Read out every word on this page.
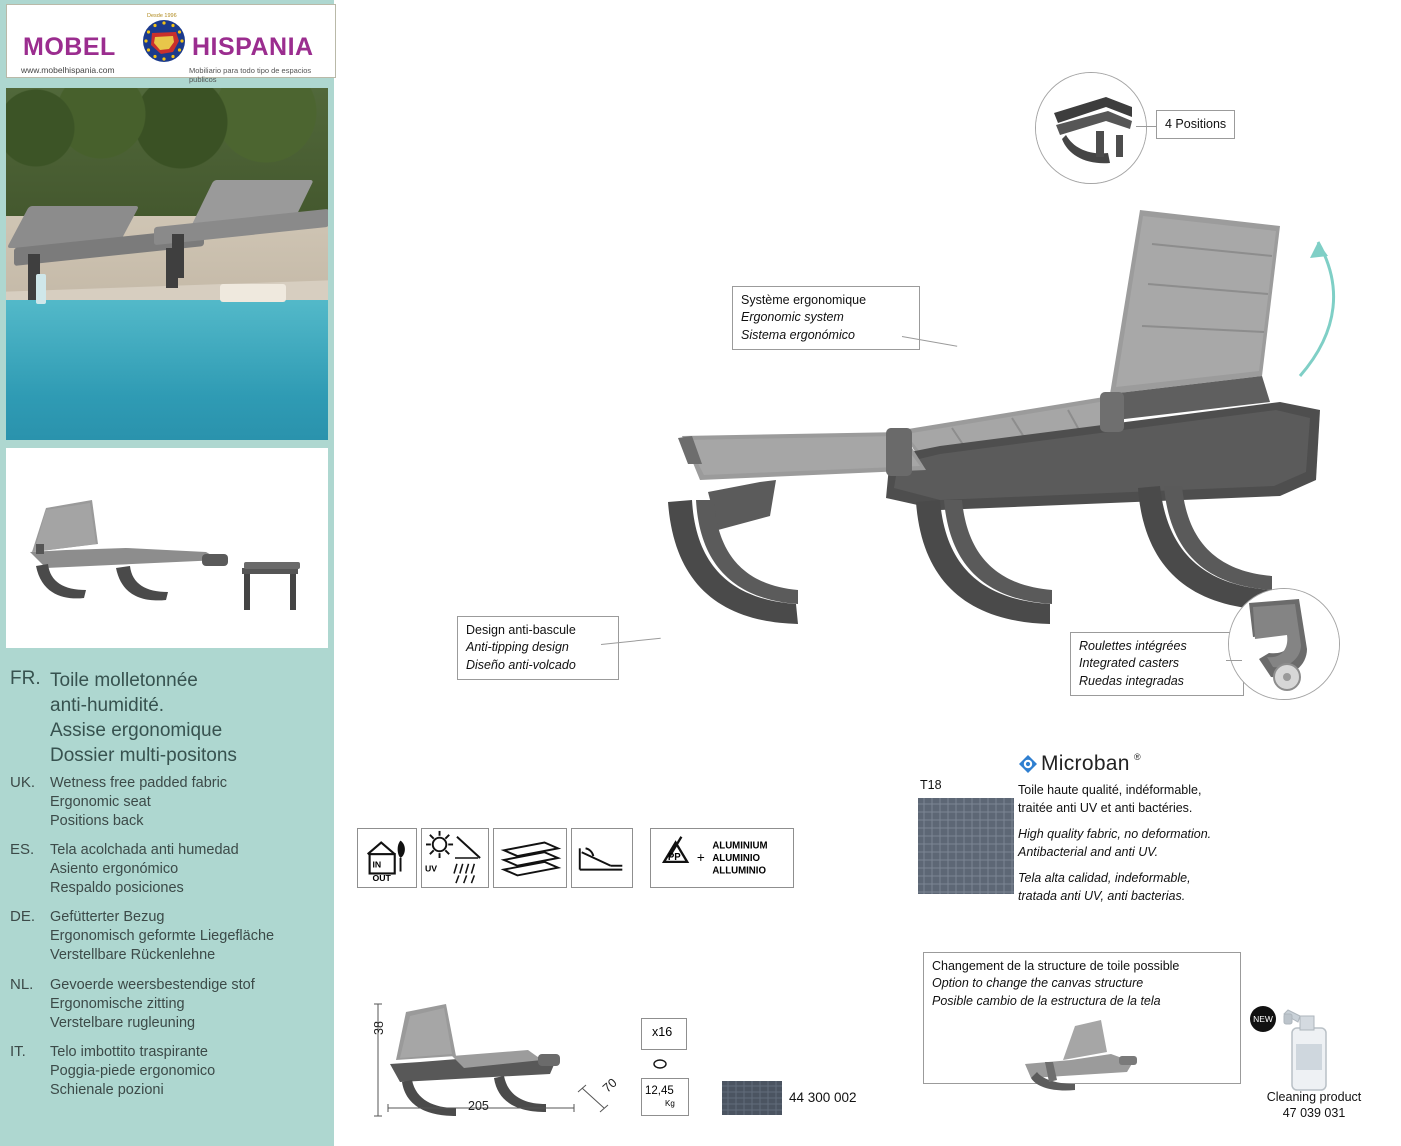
Desde 1996
MOBEL	HISPANIA
www.mobelhispania.com	Mobiliario para todo tipo de espacios publicos
FR. Toile molletonnée
anti-humidité.
Assise ergonomique
Dossier multi-positons
UK.	Wetness free padded fabric
Ergonomic seat
Positions back
ES.	Tela acolchada anti humedad
Asiento ergonómico
Respaldo posiciones
DE.	Gefütterter Bezug
Ergonomisch geformte Liegefläche
Verstellbare Rückenlehne
NL.	Gevoerde weersbestendige stof
Ergonomische zitting
Verstelbare rugleuning
IT.	Telo imbottito traspirante
Poggia-piede ergonomico
Schienale pozioni
4 Positions
Système ergonomique
Ergonomic system
Sistema ergonómico
Design anti-bascule
Anti-tipping design
Diseño anti-volcado
Roulettes intégrées
Integrated casters
Ruedas integradas
IN
OUT
UV
PP +
ALUMINIUM
ALUMINIO
ALLUMINIO
T18
Microban ®
Toile haute qualité, indéformable,
traitée anti UV et anti bactéries.
High quality fabric, no deformation.
Antibacterial and anti UV.
Tela alta calidad, indeformable,
tratada anti UV, anti bacterias.
38
205
70
x16
12,45
Kg	44 300 002
Changement de la structure de toile possible
Option to change the canvas structure
Posible cambio de la estructura de la tela
NEW
Cleaning product
47 039 031
